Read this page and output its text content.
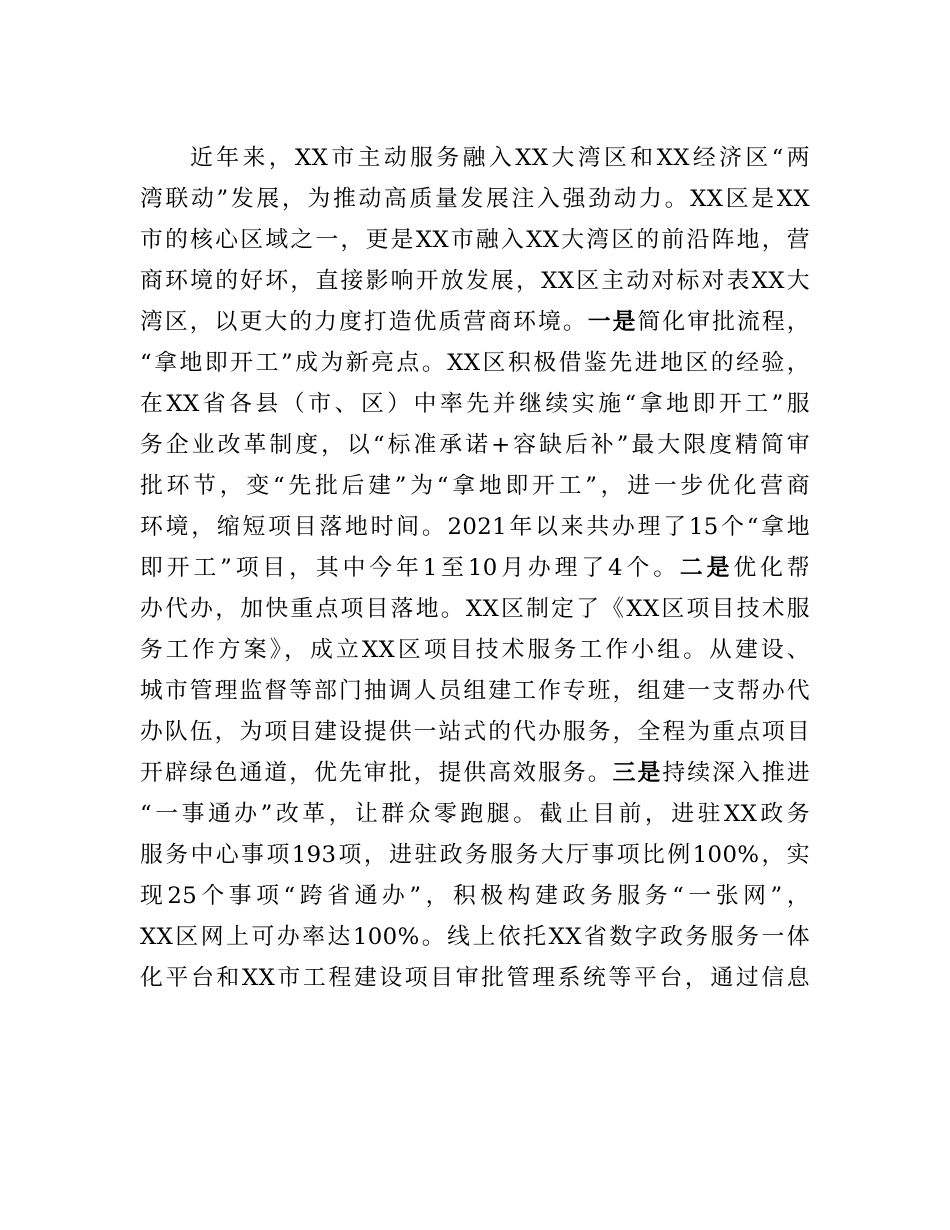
近年来，XX市主动服务融入XX大湾区和XX经济区“两
湾联动”发展，为推动高质量发展注入强劲动力。XX区是XX
市的核心区域之一，更是XX市融入XX大湾区的前沿阵地，营
商环境的好坏，直接影响开放发展，XX区主动对标对表XX大
湾区，以更大的力度打造优质营商环境。一是简化审批流程，
“拿地即开工”成为新亮点。XX区积极借鉴先进地区的经验，
在XX省各县（市、区）中率先并继续实施“拿地即开工”服
务企业改革制度，以“标准承诺+容缺后补”最大限度精简审
批环节，变“先批后建”为“拿地即开工”，进一步优化营商
环境，缩短项目落地时间。2021年以来共办理了15个“拿地
即开工”项目，其中今年1至10月办理了4个。二是优化帮
办代办，加快重点项目落地。XX区制定了《XX区项目技术服
务工作方案》，成立XX区项目技术服务工作小组。从建设、
城市管理监督等部门抽调人员组建工作专班，组建一支帮办代
办队伍，为项目建设提供一站式的代办服务，全程为重点项目
开辟绿色通道，优先审批，提供高效服务。三是持续深入推进
“一事通办”改革，让群众零跑腿。截止目前，进驻XX政务
服务中心事项193项，进驻政务服务大厅事项比例100%，实
现25个事项“跨省通办”，积极构建政务服务“一张网”，
XX区网上可办率达100%。线上依托XX省数字政务服务一体
化平台和XX市工程建设项目审批管理系统等平台，通过信息
